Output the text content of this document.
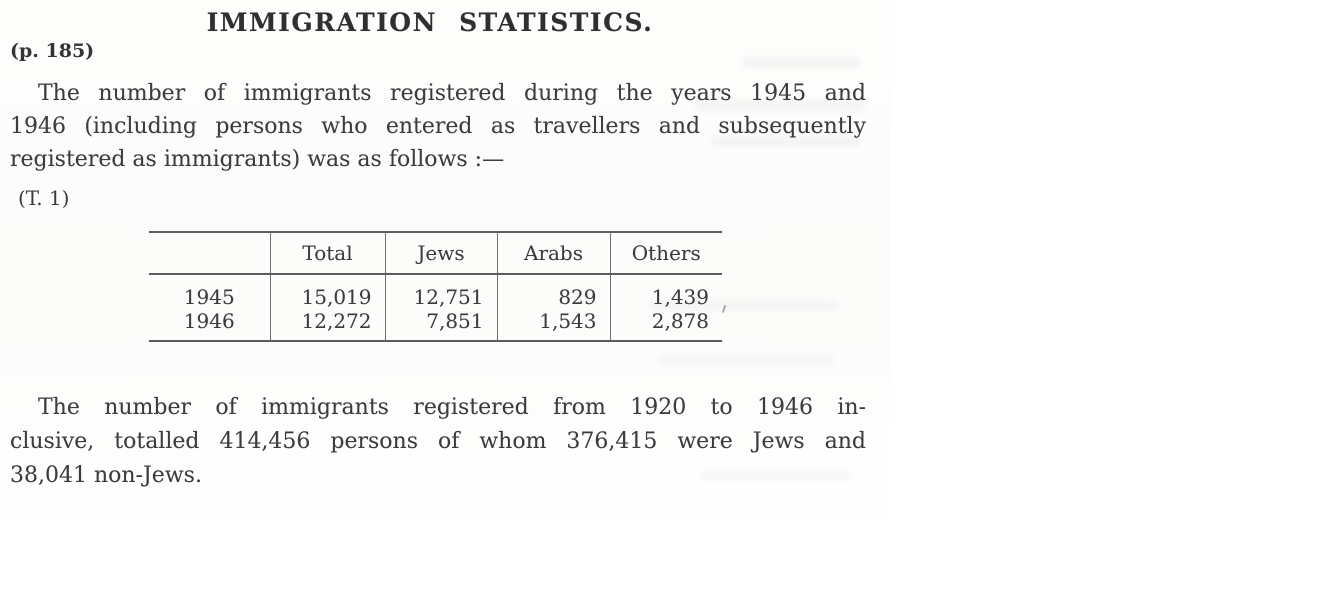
IMMIGRATION STATISTICS.
(p. 185)
The number of immigrants registered during the years 1945 and
1946 (including persons who entered as travellers and subsequently
registered as immigrants) was as follows :—
(T. 1)
	Total	Jews	Arabs	Others
1945	15,019	12,751	829	1,439
1946	12,272	7,851	1,543	2,878
The number of immigrants registered from 1920 to 1946 in-
clusive, totalled 414,456 persons of whom 376,415 were Jews and
38,041 non-Jews.
